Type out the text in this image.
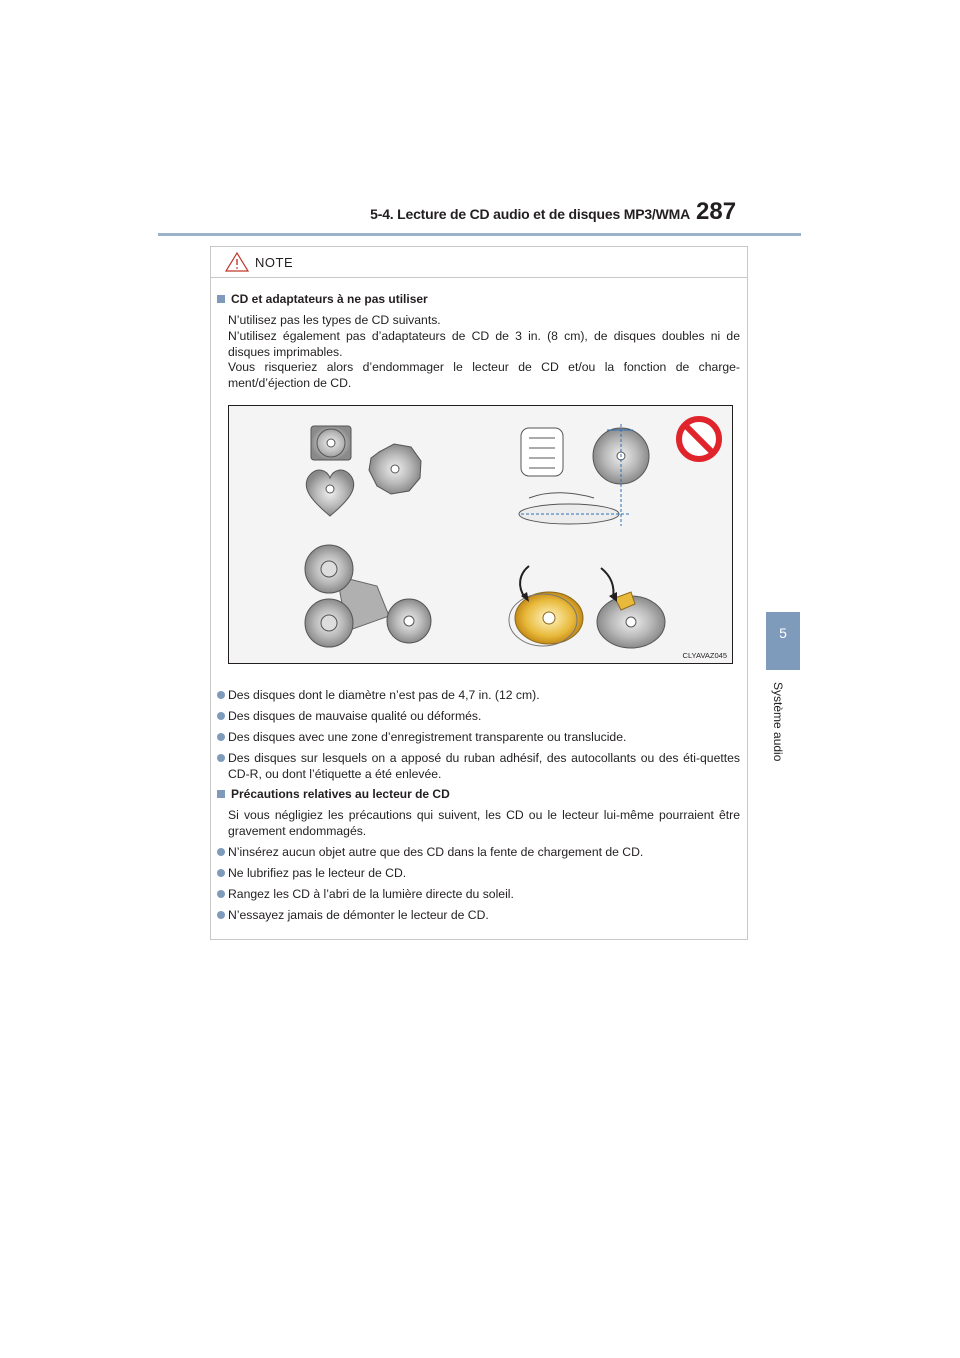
5-4. Lecture de CD audio et de disques MP3/WMA 287
5
Système audio
NOTE
CD et adaptateurs à ne pas utiliser
N’utilisez pas les types de CD suivants.
N’utilisez également pas d’adaptateurs de CD de 3 in. (8 cm), de disques doubles ni de disques imprimables.
Vous risqueriez alors d’endommager le lecteur de CD et/ou la fonction de charge-ment/d’éjection de CD.
CLYAVAZ045
Des disques dont le diamètre n’est pas de 4,7 in. (12 cm).
Des disques de mauvaise qualité ou déformés.
Des disques avec une zone d’enregistrement transparente ou translucide.
Des disques sur lesquels on a apposé du ruban adhésif, des autocollants ou des éti-quettes CD-R, ou dont l’étiquette a été enlevée.
Précautions relatives au lecteur de CD
Si vous négligiez les précautions qui suivent, les CD ou le lecteur lui-même pourraient être gravement endommagés.
N’insérez aucun objet autre que des CD dans la fente de chargement de CD.
Ne lubrifiez pas le lecteur de CD.
Rangez les CD à l’abri de la lumière directe du soleil.
N’essayez jamais de démonter le lecteur de CD.
